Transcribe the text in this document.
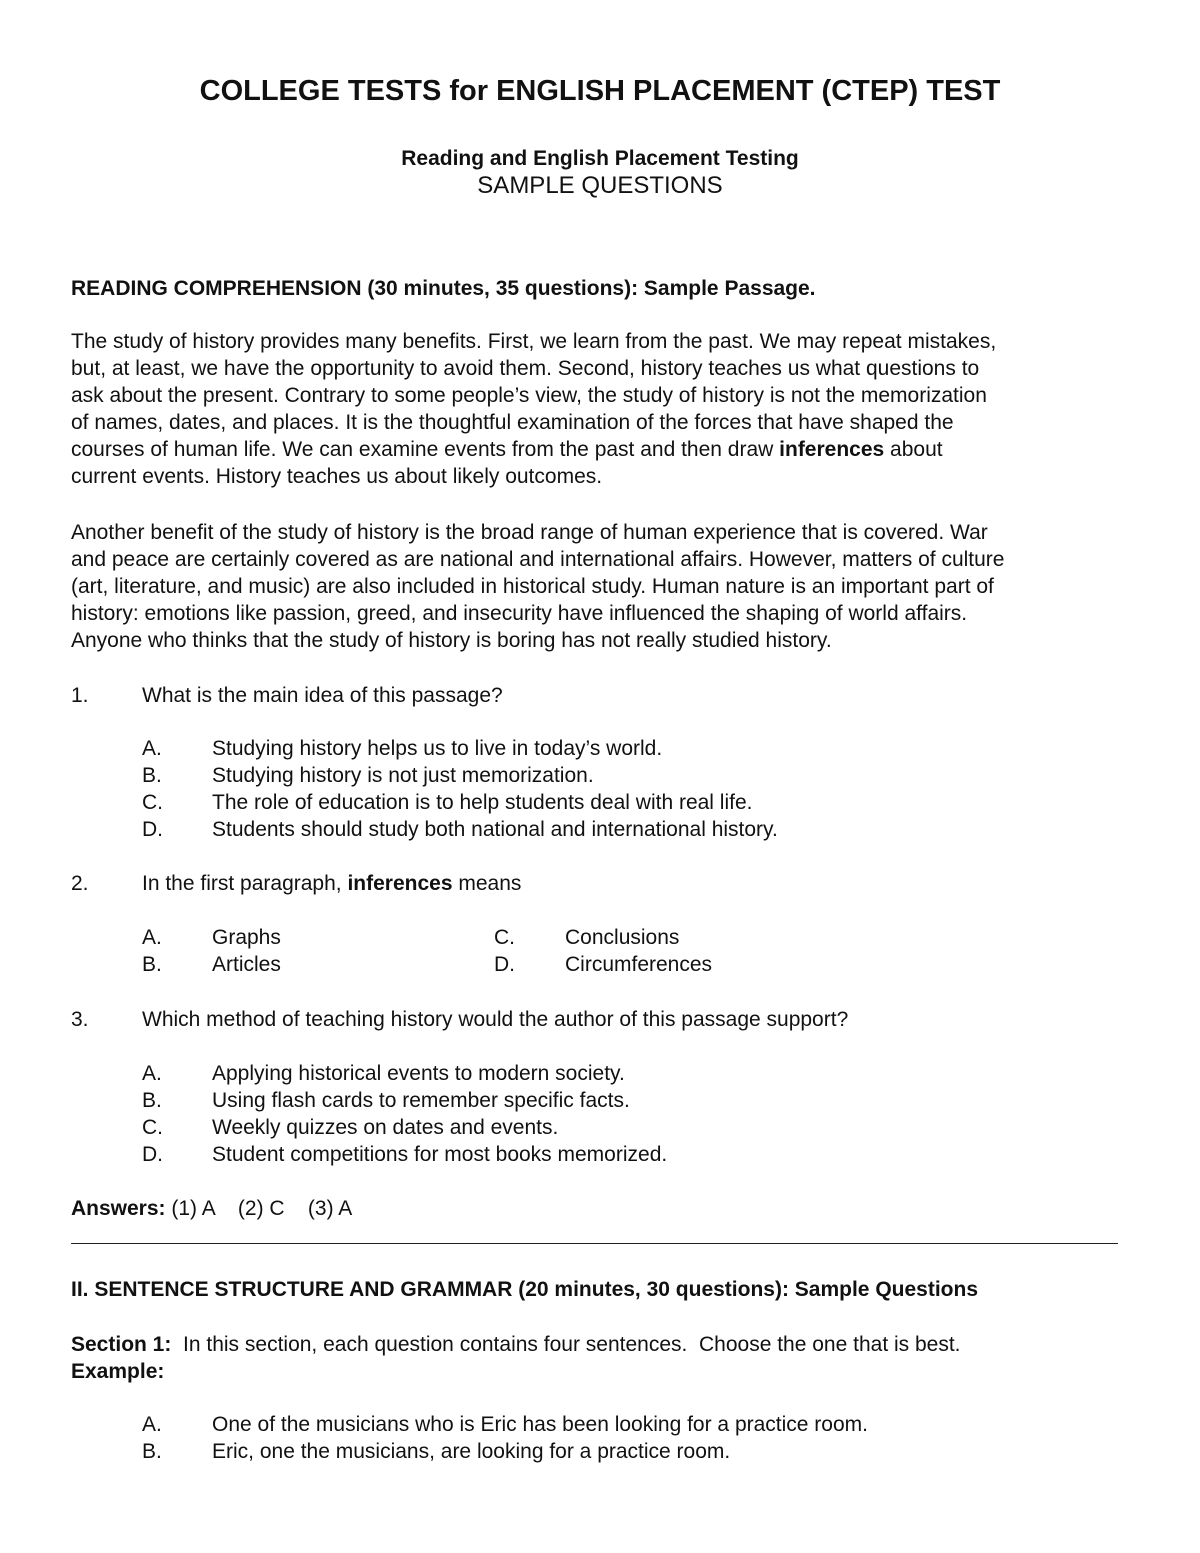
COLLEGE TESTS for ENGLISH PLACEMENT (CTEP) TEST
Reading and English Placement Testing
SAMPLE QUESTIONS
READING COMPREHENSION (30 minutes, 35 questions): Sample Passage.
The study of history provides many benefits. First, we learn from the past. We may repeat mistakes,
but, at least, we have the opportunity to avoid them. Second, history teaches us what questions to
ask about the present. Contrary to some people’s view, the study of history is not the memorization
of names, dates, and places. It is the thoughtful examination of the forces that have shaped the
courses of human life. We can examine events from the past and then draw inferences about
current events. History teaches us about likely outcomes.
Another benefit of the study of history is the broad range of human experience that is covered. War
and peace are certainly covered as are national and international affairs. However, matters of culture
(art, literature, and music) are also included in historical study. Human nature is an important part of
history: emotions like passion, greed, and insecurity have influenced the shaping of world affairs.
Anyone who thinks that the study of history is boring has not really studied history.
1.	What is the main idea of this passage?
A. Studying history helps us to live in today’s world.
B. Studying history is not just memorization.
C. The role of education is to help students deal with real life.
D. Students should study both national and international history.
2.	In the first paragraph, inferences means
A. Graphs
B. Articles
C. Conclusions
D. Circumferences
3.	Which method of teaching history would the author of this passage support?
A. Applying historical events to modern society.
B. Using flash cards to remember specific facts.
C. Weekly quizzes on dates and events.
D. Student competitions for most books memorized.
Answers: (1) A    (2) C    (3) A
II. SENTENCE STRUCTURE AND GRAMMAR (20 minutes, 30 questions): Sample Questions
Section 1:  In this section, each question contains four sentences.  Choose the one that is best.
Example:
A. One of the musicians who is Eric has been looking for a practice room.
B. Eric, one the musicians, are looking for a practice room.
